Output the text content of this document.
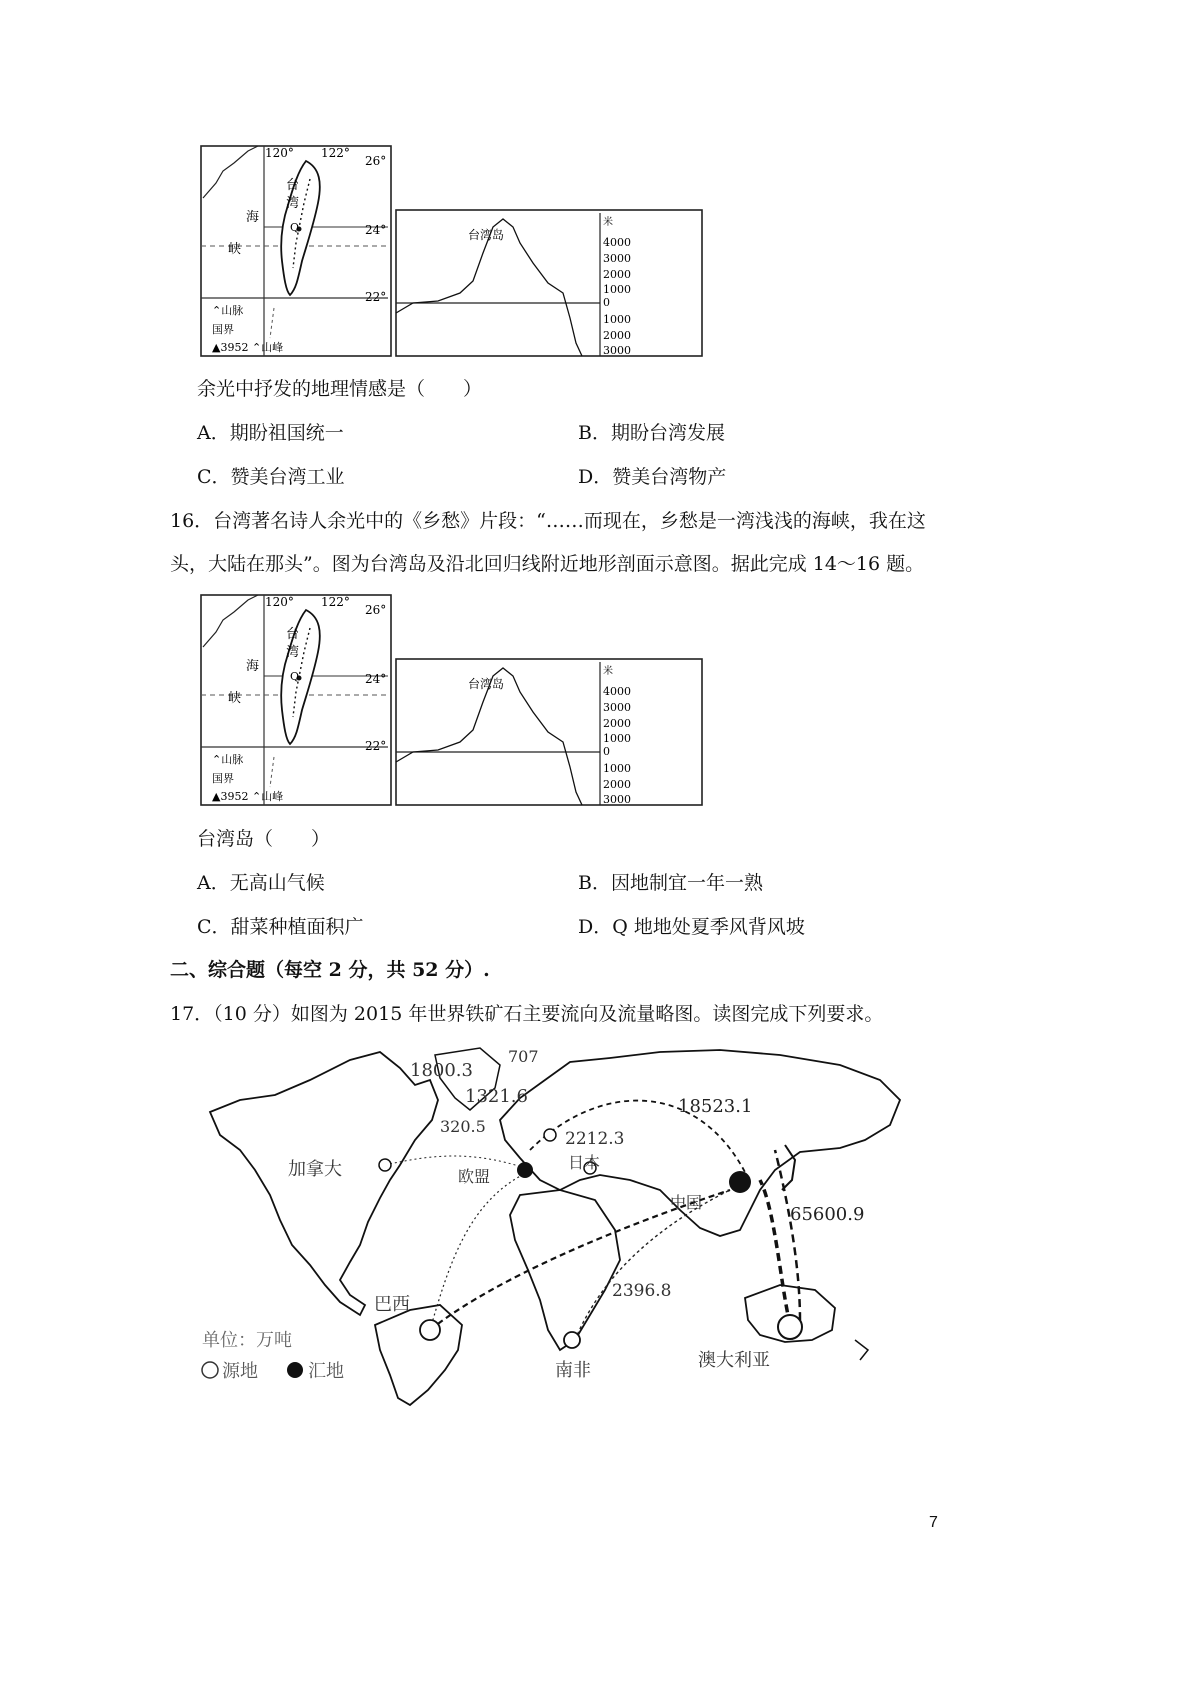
Q
⌃山脉
国界
▲3952 ⌃山峰
120° 122°
26°
24°
22°
台
湾
海
峡
台湾岛
米
4000
3000
2000
1000
0
1000
2000
3000
余光中抒发的地理情感是（　　）
A．期盼祖国统一	B．期盼台湾发展
C．赞美台湾工业	D．赞美台湾物产
16．台湾著名诗人余光中的《乡愁》片段：“……而现在，乡愁是一湾浅浅的海峡，我在这
头，大陆在那头”。图为台湾岛及沿北回归线附近地形剖面示意图。据此完成 14～16 题。
Q
⌃山脉
国界
▲3952 ⌃山峰
120° 122°
26°
24°
22°
台
湾
海
峡
台湾岛
米
4000
3000
2000
1000
0
1000
2000
3000
台湾岛（　　）
A．无高山气候	B．因地制宜一年一熟
C．甜菜种植面积广	D．Q 地地处夏季风背风坡
二、综合题（每空 2 分，共 52 分）.
17．（10 分）如图为 2015 年世界铁矿石主要流向及流量略图。读图完成下列要求。
1800.3
707
1321.6
320.5
2212.3
18523.1
65600.9
2396.8
加拿大	欧盟
日本
中国
巴西
南非	澳大利亚
单位：万吨
源地	汇地
7
